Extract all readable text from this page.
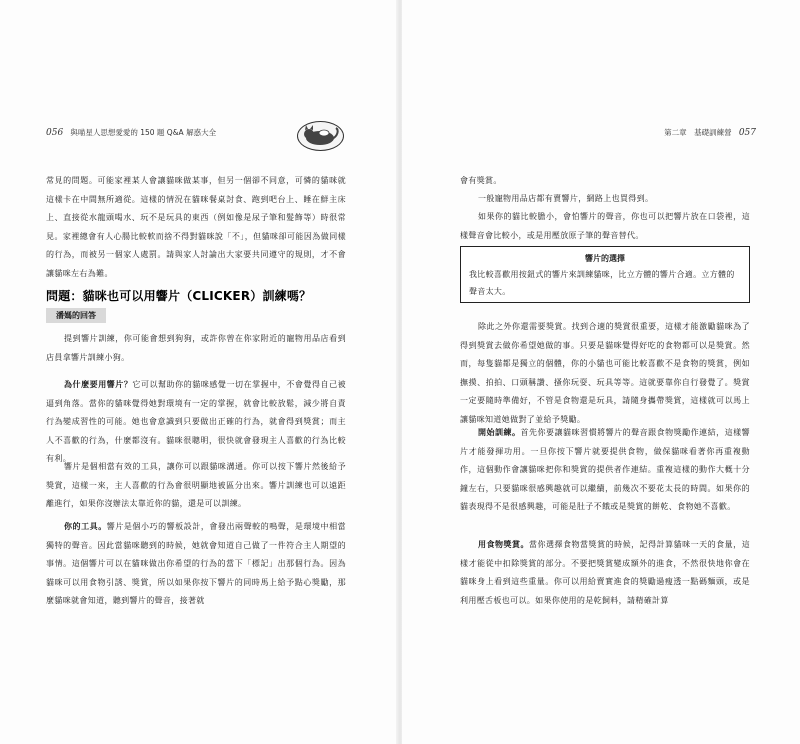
056 與喵星人思想愛愛的 150 題 Q&A 解惑大全

常見的問題。可能家裡某人會讓貓咪做某事，但另一個卻不同意，可憐的貓咪就這樣卡在中間無所適從。這樣的情況在貓咪餐桌討食、跑到吧台上、睡在鮮主床上、直接從水龍頭喝水、玩不是玩具的東西（例如像是尿子筆和髮飾等）時很常見。家裡總會有人心腸比較軟而捨不得對貓咪說「不」，但貓咪卻可能因為做同樣的行為，而被另一個家人處罰。請與家人討論出大家要共同遵守的規則，才不會讓貓咪左右為難。

問題：貓咪也可以用響片（CLICKER）訓練嗎？
潘媽的回答

提到響片訓練，你可能會想到狗狗，或許你曾在你家附近的寵物用品店看到店員拿響片訓練小狗。

為什麼要用響片？它可以幫助你的貓咪感覺一切在掌握中，不會覺得自己被逼到角落。當你的貓咪覺得她對環境有一定的掌握，就會比較放鬆，減少將自責行為變成習性的可能。她也會意識到只要做出正確的行為，就會得到獎賞；而主人不喜歡的行為，什麼都沒有。貓咪很聰明，很快就會發現主人喜歡的行為比較有利。

響片是個相當有效的工具，讓你可以跟貓咪溝通。你可以按下響片然後給予獎賞，這樣一來，主人喜歡的行為會很明顯地被區分出來。響片訓練也可以遠距離進行，如果你沒辦法太靠近你的貓，還是可以訓練。

你的工具。響片是個小巧的響板設計，會發出兩聲較的鳴聲，是環境中相當獨特的聲音。因此當貓咪聽到的時候，她就會知道自己做了一件符合主人期望的事情。這個響片可以在貓咪做出你希望的行為的當下「標記」出那個行為。因為貓咪可以用食物引誘、獎賞，所以如果你按下響片的同時馬上給予點心獎勵，那麼貓咪就會知道，聽到響片的聲音，接著就

第二章　基礎訓練營 057

會有獎賞。

一般寵物用品店都有賣響片，網路上也買得到。

如果你的貓比較膽小，會怕響片的聲音，你也可以把響片放在口袋裡，這樣聲音會比較小，或是用壓放原子筆的聲音替代。

響片的選擇
我比較喜歡用按鈕式的響片來訓練貓咪，比立方體的響片合適。立方體的聲音太大。

除此之外你還需要獎賞。找到合適的獎賞很重要，這樣才能激勵貓咪為了得到獎賞去做你希望她做的事。只要是貓咪覺得好吃的食物都可以是獎賞。然而，每隻貓都是獨立的個體，你的小貓也可能比較喜歡不是食物的獎賞，例如撫摸、拍拍、口頭稱讚、搔你玩耍、玩具等等。這就要靠你自行發覺了。獎賞一定要隨時準備好，不管是食物還是玩具，請隨身攜帶獎賞，這樣就可以馬上讓貓咪知道她做對了並給予獎勵。

開始訓練。首先你要讓貓咪習慣將響片的聲音跟食物獎勵作連結，這樣響片才能發揮功用。一旦你按下響片就要提供食物，做保貓咪看著你再重複動作，這個動作會讓貓咪把你和獎賞的提供者作連結。重複這樣的動作大概十分鐘左右，只要貓咪很感興趣就可以繼續，前幾次不要花太長的時間。如果你的貓表現得不是很感興趣，可能是肚子不餓或是獎賞的餅乾、食物她不喜歡。

用食物獎賞。當你選擇食物當獎賞的時候，記得計算貓咪一天的食量，這樣才能從中扣除獎賞的部分。不要把獎賞變成額外的進食，不然很快地你會在貓咪身上看到這些重量。你可以用給賣實進食的獎勵過瘦透一點碼麵頭，或是利用壓舌板也可以。如果你使用的是乾飼料，請精確計算
